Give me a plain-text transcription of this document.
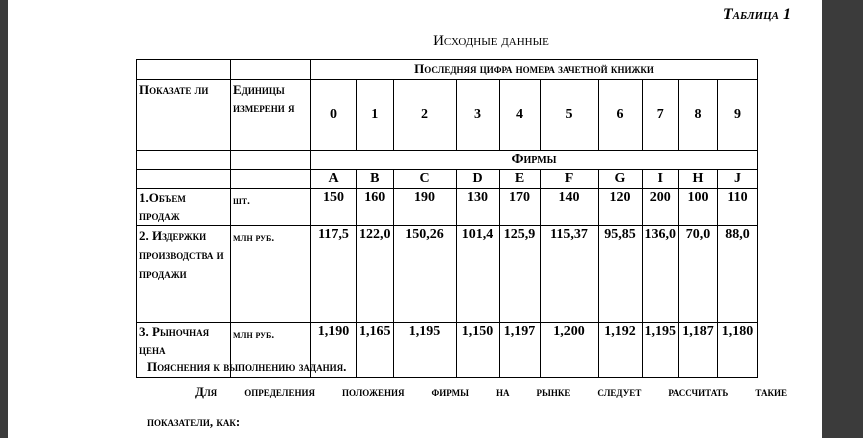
Таблица 1
Исходные данные
		Последняя цифра номера зачетной книжки									
Показате ли	Единицы измерени я	0	1	2	3	4	5	6	7	8	9
		Фирмы									
		A	B	C	D	E	F	G	I	H	J
1.Объем продаж	шт.	150	160	190	130	170	140	120	200	100	110
2. Издержки производства и продажи	млн руб.	117,5	122,0	150,26	101,4	125,9	115,37	95,85	136,0	70,0	88,0
3. Рыночная цена	млн руб.	1,190	1,165	1,195	1,150	1,197	1,200	1,192	1,195	1,187	1,180
Пояснения к выполнению задания.
Для определения положения фирмы на рынке следует рассчитать такие
показатели, как:
